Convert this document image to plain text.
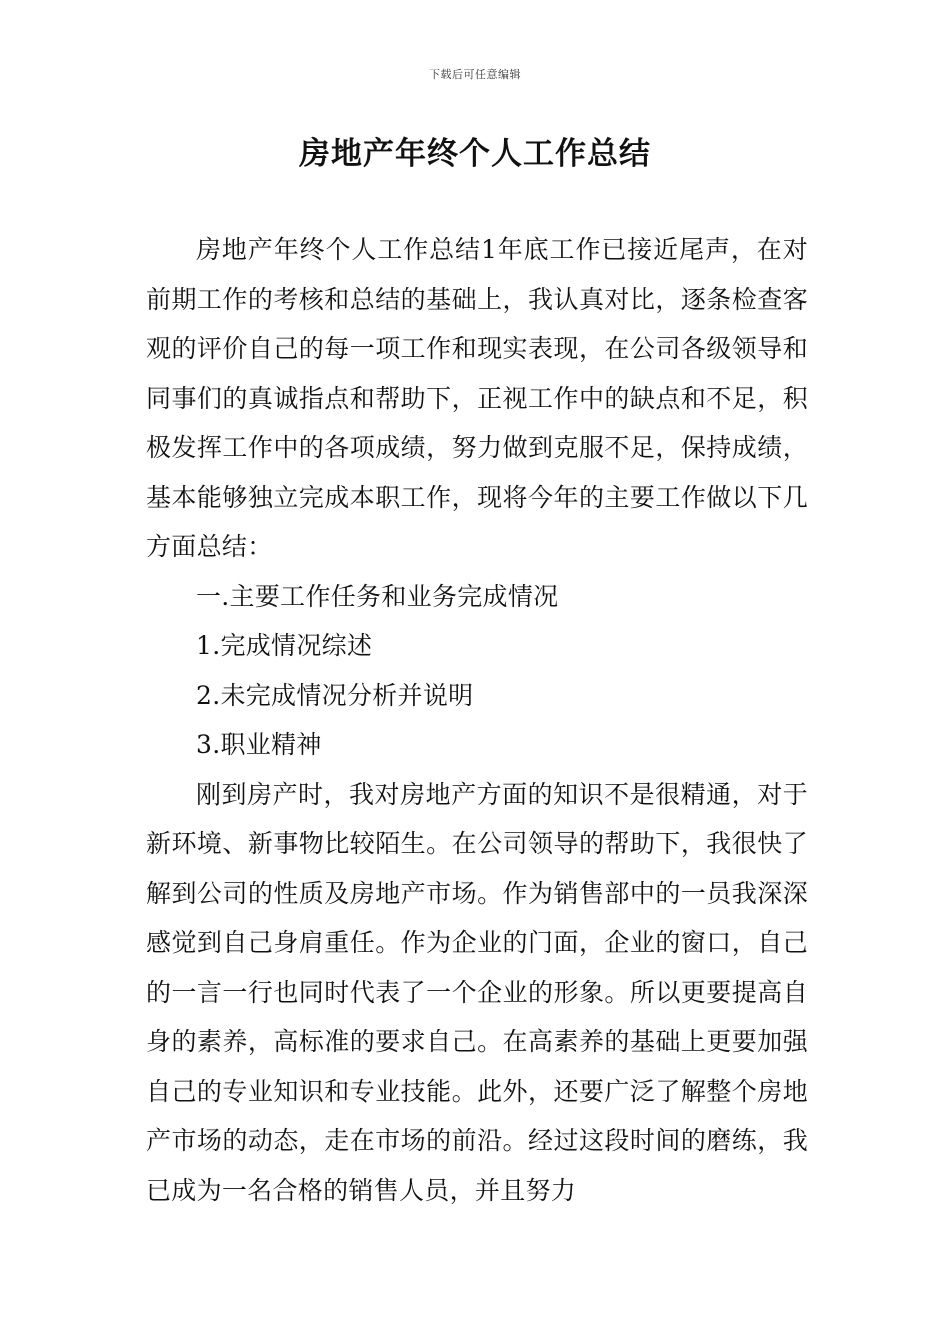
下载后可任意编辑
房地产年终个人工作总结

房地产年终个人工作总结1年底工作已接近尾声，在对前期工作的考核和总结的基础上，我认真对比，逐条检查客观的评价自己的每一项工作和现实表现，在公司各级领导和同事们的真诚指点和帮助下，正视工作中的缺点和不足，积极发挥工作中的各项成绩，努力做到克服不足，保持成绩，基本能够独立完成本职工作，现将今年的主要工作做以下几方面总结：

一.主要工作任务和业务完成情况

1.完成情况综述

2.未完成情况分析并说明

3.职业精神

刚到房产时，我对房地产方面的知识不是很精通，对于新环境、新事物比较陌生。在公司领导的帮助下，我很快了解到公司的性质及房地产市场。作为销售部中的一员我深深感觉到自己身肩重任。作为企业的门面，企业的窗口，自己的一言一行也同时代表了一个企业的形象。所以更要提高自身的素养，高标准的要求自己。在高素养的基础上更要加强自己的专业知识和专业技能。此外，还要广泛了解整个房地产市场的动态，走在市场的前沿。经过这段时间的磨练，我已成为一名合格的销售人员，并且努力
